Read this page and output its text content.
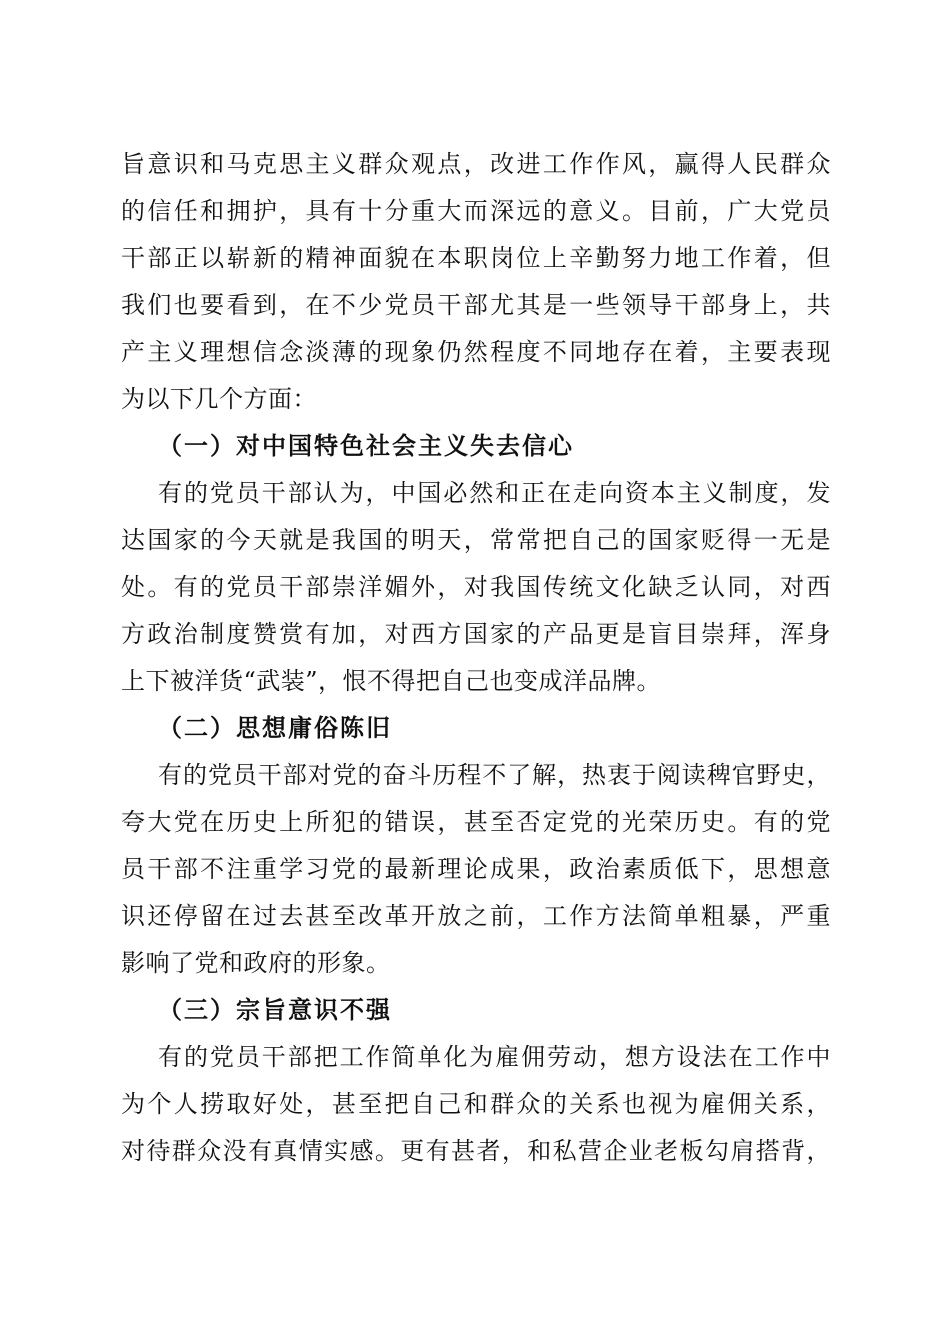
旨意识和马克思主义群众观点，改进工作作风，赢得人民群众
的信任和拥护，具有十分重大而深远的意义。目前，广大党员
干部正以崭新的精神面貌在本职岗位上辛勤努力地工作着，但
我们也要看到，在不少党员干部尤其是一些领导干部身上，共
产主义理想信念淡薄的现象仍然程度不同地存在着，主要表现
为以下几个方面：
（一）对中国特色社会主义失去信心
有的党员干部认为，中国必然和正在走向资本主义制度，发
达国家的今天就是我国的明天，常常把自己的国家贬得一无是
处。有的党员干部崇洋媚外，对我国传统文化缺乏认同，对西
方政治制度赞赏有加，对西方国家的产品更是盲目崇拜，浑身
上下被洋货“武装”，恨不得把自己也变成洋品牌。
（二）思想庸俗陈旧
有的党员干部对党的奋斗历程不了解，热衷于阅读稗官野史，
夸大党在历史上所犯的错误，甚至否定党的光荣历史。有的党
员干部不注重学习党的最新理论成果，政治素质低下，思想意
识还停留在过去甚至改革开放之前，工作方法简单粗暴，严重
影响了党和政府的形象。
（三）宗旨意识不强
有的党员干部把工作简单化为雇佣劳动，想方设法在工作中
为个人捞取好处，甚至把自己和群众的关系也视为雇佣关系，
对待群众没有真情实感。更有甚者，和私营企业老板勾肩搭背，
